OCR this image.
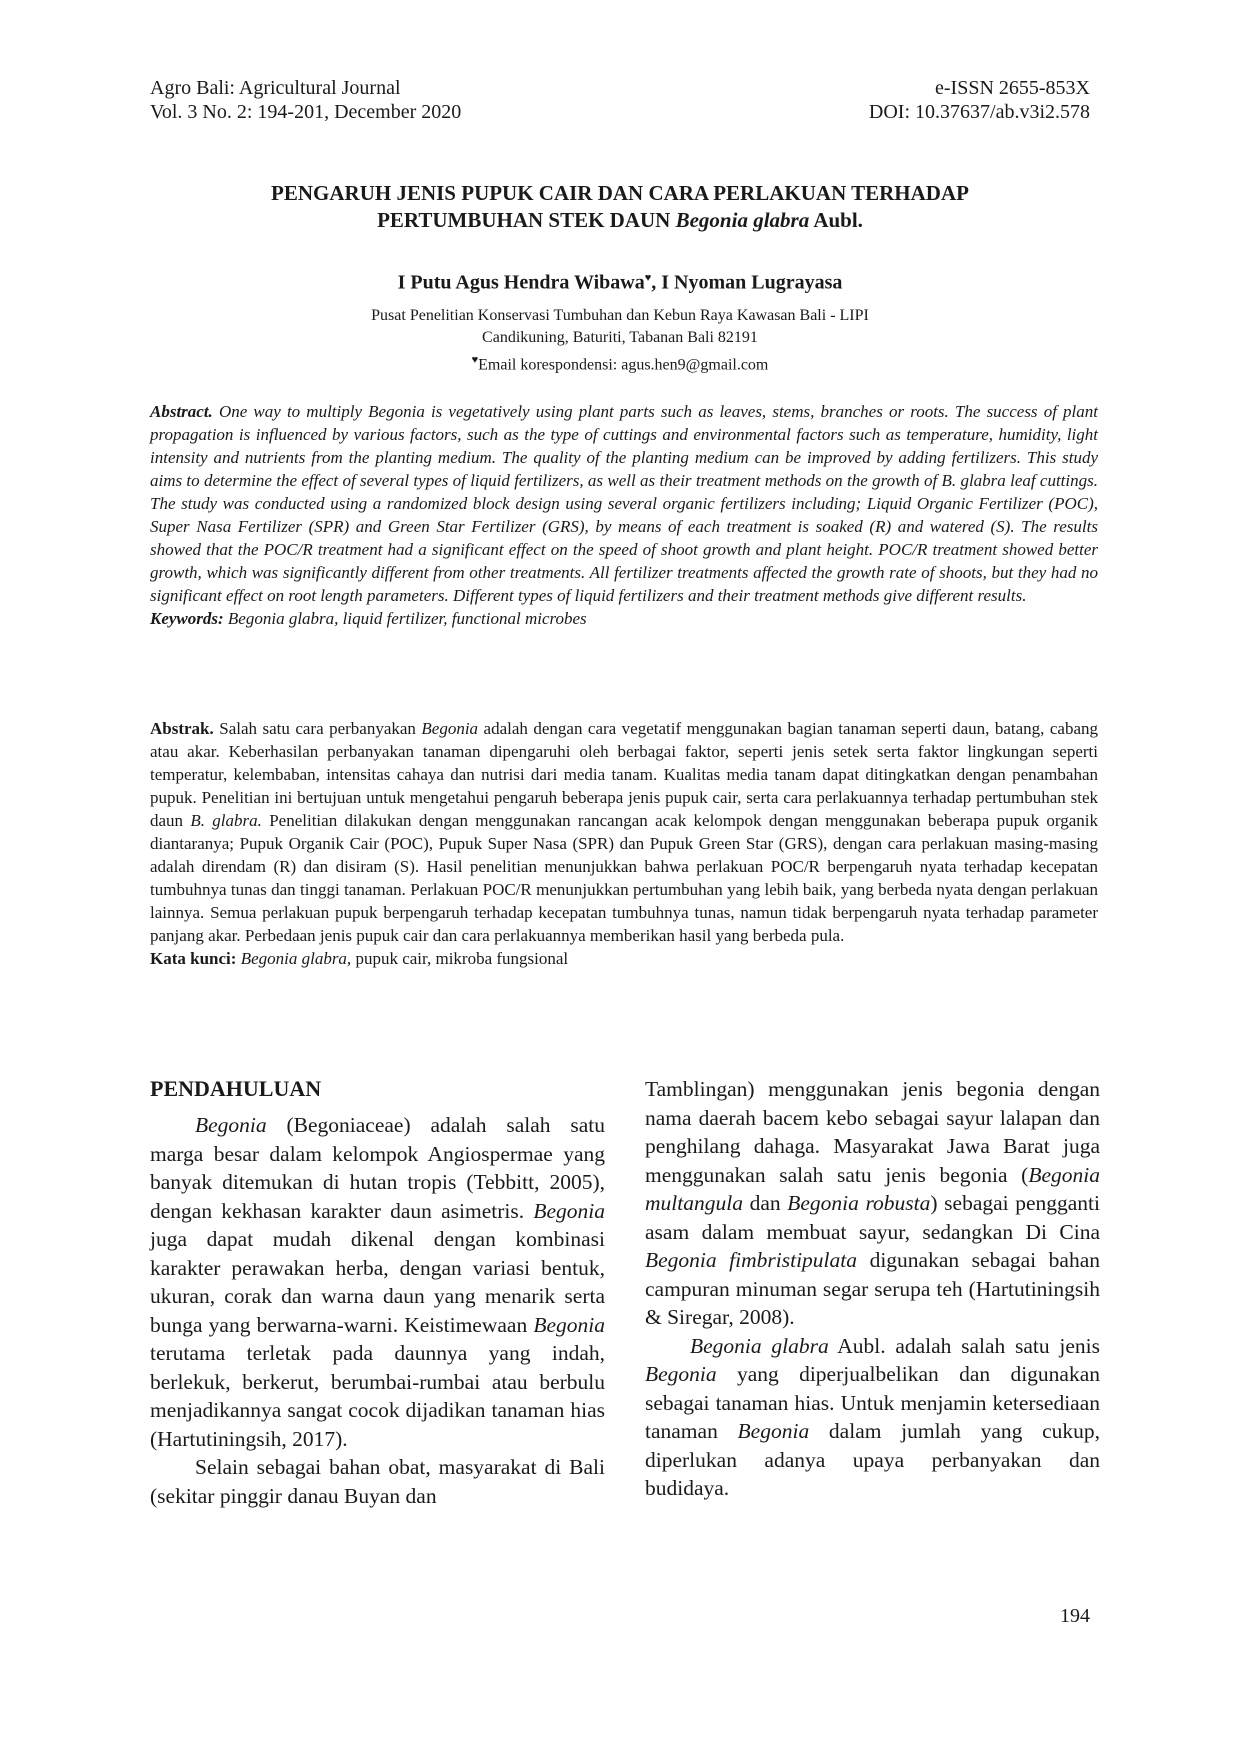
Agro Bali: Agricultural Journal
Vol. 3 No. 2: 194-201, December 2020
e-ISSN 2655-853X
DOI: 10.37637/ab.v3i2.578
PENGARUH JENIS PUPUK CAIR DAN CARA PERLAKUAN TERHADAP
PERTUMBUHAN STEK DAUN Begonia glabra Aubl.
I Putu Agus Hendra Wibawa♥, I Nyoman Lugrayasa
Pusat Penelitian Konservasi Tumbuhan dan Kebun Raya Kawasan Bali - LIPI
Candikuning, Baturiti, Tabanan Bali 82191
♥Email korespondensi: agus.hen9@gmail.com
Abstract. One way to multiply Begonia is vegetatively using plant parts such as leaves, stems, branches or roots. The success of plant propagation is influenced by various factors, such as the type of cuttings and environmental factors such as temperature, humidity, light intensity and nutrients from the planting medium. The quality of the planting medium can be improved by adding fertilizers. This study aims to determine the effect of several types of liquid fertilizers, as well as their treatment methods on the growth of B. glabra leaf cuttings. The study was conducted using a randomized block design using several organic fertilizers including; Liquid Organic Fertilizer (POC), Super Nasa Fertilizer (SPR) and Green Star Fertilizer (GRS), by means of each treatment is soaked (R) and watered (S). The results showed that the POC/R treatment had a significant effect on the speed of shoot growth and plant height. POC/R treatment showed better growth, which was significantly different from other treatments. All fertilizer treatments affected the growth rate of shoots, but they had no significant effect on root length parameters. Different types of liquid fertilizers and their treatment methods give different results.
Keywords: Begonia glabra, liquid fertilizer, functional microbes
Abstrak. Salah satu cara perbanyakan Begonia adalah dengan cara vegetatif menggunakan bagian tanaman seperti daun, batang, cabang atau akar. Keberhasilan perbanyakan tanaman dipengaruhi oleh berbagai faktor, seperti jenis setek serta faktor lingkungan seperti temperatur, kelembaban, intensitas cahaya dan nutrisi dari media tanam. Kualitas media tanam dapat ditingkatkan dengan penambahan pupuk. Penelitian ini bertujuan untuk mengetahui pengaruh beberapa jenis pupuk cair, serta cara perlakuannya terhadap pertumbuhan stek daun B. glabra. Penelitian dilakukan dengan menggunakan rancangan acak kelompok dengan menggunakan beberapa pupuk organik diantaranya; Pupuk Organik Cair (POC), Pupuk Super Nasa (SPR) dan Pupuk Green Star (GRS), dengan cara perlakuan masing-masing adalah direndam (R) dan disiram (S). Hasil penelitian menunjukkan bahwa perlakuan POC/R berpengaruh nyata terhadap kecepatan tumbuhnya tunas dan tinggi tanaman. Perlakuan POC/R menunjukkan pertumbuhan yang lebih baik, yang berbeda nyata dengan perlakuan lainnya. Semua perlakuan pupuk berpengaruh terhadap kecepatan tumbuhnya tunas, namun tidak berpengaruh nyata terhadap parameter panjang akar. Perbedaan jenis pupuk cair dan cara perlakuannya memberikan hasil yang berbeda pula.
Kata kunci: Begonia glabra, pupuk cair, mikroba fungsional
PENDAHULUAN

Begonia (Begoniaceae) adalah salah satu marga besar dalam kelompok Angiospermae yang banyak ditemukan di hutan tropis (Tebbitt, 2005), dengan kekhasan karakter daun asimetris. Begonia juga dapat mudah dikenal dengan kombinasi karakter perawakan herba, dengan variasi bentuk, ukuran, corak dan warna daun yang menarik serta bunga yang berwarna-warni. Keistimewaan Begonia terutama terletak pada daunnya yang indah, berlekuk, berkerut, berumbai-rumbai atau berbulu menjadikannya sangat cocok dijadikan tanaman hias (Hartutiningsih, 2017).

Selain sebagai bahan obat, masyarakat di Bali (sekitar pinggir danau Buyan dan

Tamblingan) menggunakan jenis begonia dengan nama daerah bacem kebo sebagai sayur lalapan dan penghilang dahaga. Masyarakat Jawa Barat juga menggunakan salah satu jenis begonia (Begonia multangula dan Begonia robusta) sebagai pengganti asam dalam membuat sayur, sedangkan Di Cina Begonia fimbristipulata digunakan sebagai bahan campuran minuman segar serupa teh (Hartutiningsih & Siregar, 2008).

Begonia glabra Aubl. adalah salah satu jenis Begonia yang diperjualbelikan dan digunakan sebagai tanaman hias. Untuk menjamin ketersediaan tanaman Begonia dalam jumlah yang cukup, diperlukan adanya upaya perbanyakan dan budidaya.

194
